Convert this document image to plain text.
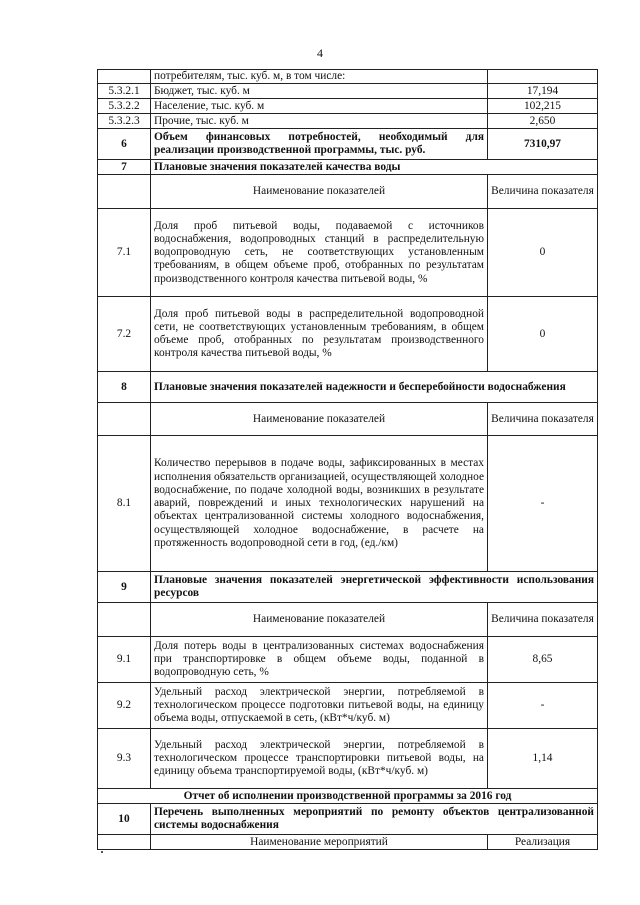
4
	потребителям, тыс. куб. м, в том числе:	
5.3.2.1	Бюджет, тыс. куб. м	17,194
5.3.2.2	Население, тыс. куб. м	102,215
5.3.2.3	Прочие, тыс. куб. м	2,650
6	Объем финансовых потребностей, необходимый для реализации производственной программы, тыс. руб.	7310,97
7	Плановые значения показателей качества воды	
	Наименование показателей	Величина показателя
7.1	Доля проб питьевой воды, подаваемой с источников водоснабжения, водопроводных станций в распределительную водопроводную сеть, не соответствующих установленным требованиям, в общем объеме проб, отобранных по результатам производственного контроля качества питьевой воды, %	0
7.2	Доля проб питьевой воды в распределительной водопроводной сети, не соответствующих установленным требованиям, в общем объеме проб, отобранных по результатам производственного контроля качества питьевой воды, %	0
8	Плановые значения показателей надежности и бесперебойности водоснабжения	
	Наименование показателей	Величина показателя
8.1	Количество перерывов в подаче воды, зафиксированных в местах исполнения обязательств организацией, осуществляющей холодное водоснабжение, по подаче холодной воды, возникших в результате аварий, повреждений и иных технологических нарушений на объектах централизованной системы холодного водоснабжения, осуществляющей холодное водоснабжение, в расчете на протяженность водопроводной сети в год, (ед./км)	-
9	Плановые значения показателей энергетической эффективности использования ресурсов	
	Наименование показателей	Величина показателя
9.1	Доля потерь воды в централизованных системах водоснабжения при транспортировке в общем объеме воды, поданной в водопроводную сеть, %	8,65
9.2	Удельный расход электрической энергии, потребляемой в технологическом процессе подготовки питьевой воды, на единицу объема воды, отпускаемой в сеть, (кВт*ч/куб. м)	-
9.3	Удельный расход электрической энергии, потребляемой в технологическом процессе транспортировки питьевой воды, на единицу объема транспортируемой воды, (кВт*ч/куб. м)	1,14
Отчет об исполнении производственной программы за 2016 год		
10	Перечень выполненных мероприятий по ремонту объектов централизованной системы водоснабжения	
	Наименование мероприятий	Реализация
